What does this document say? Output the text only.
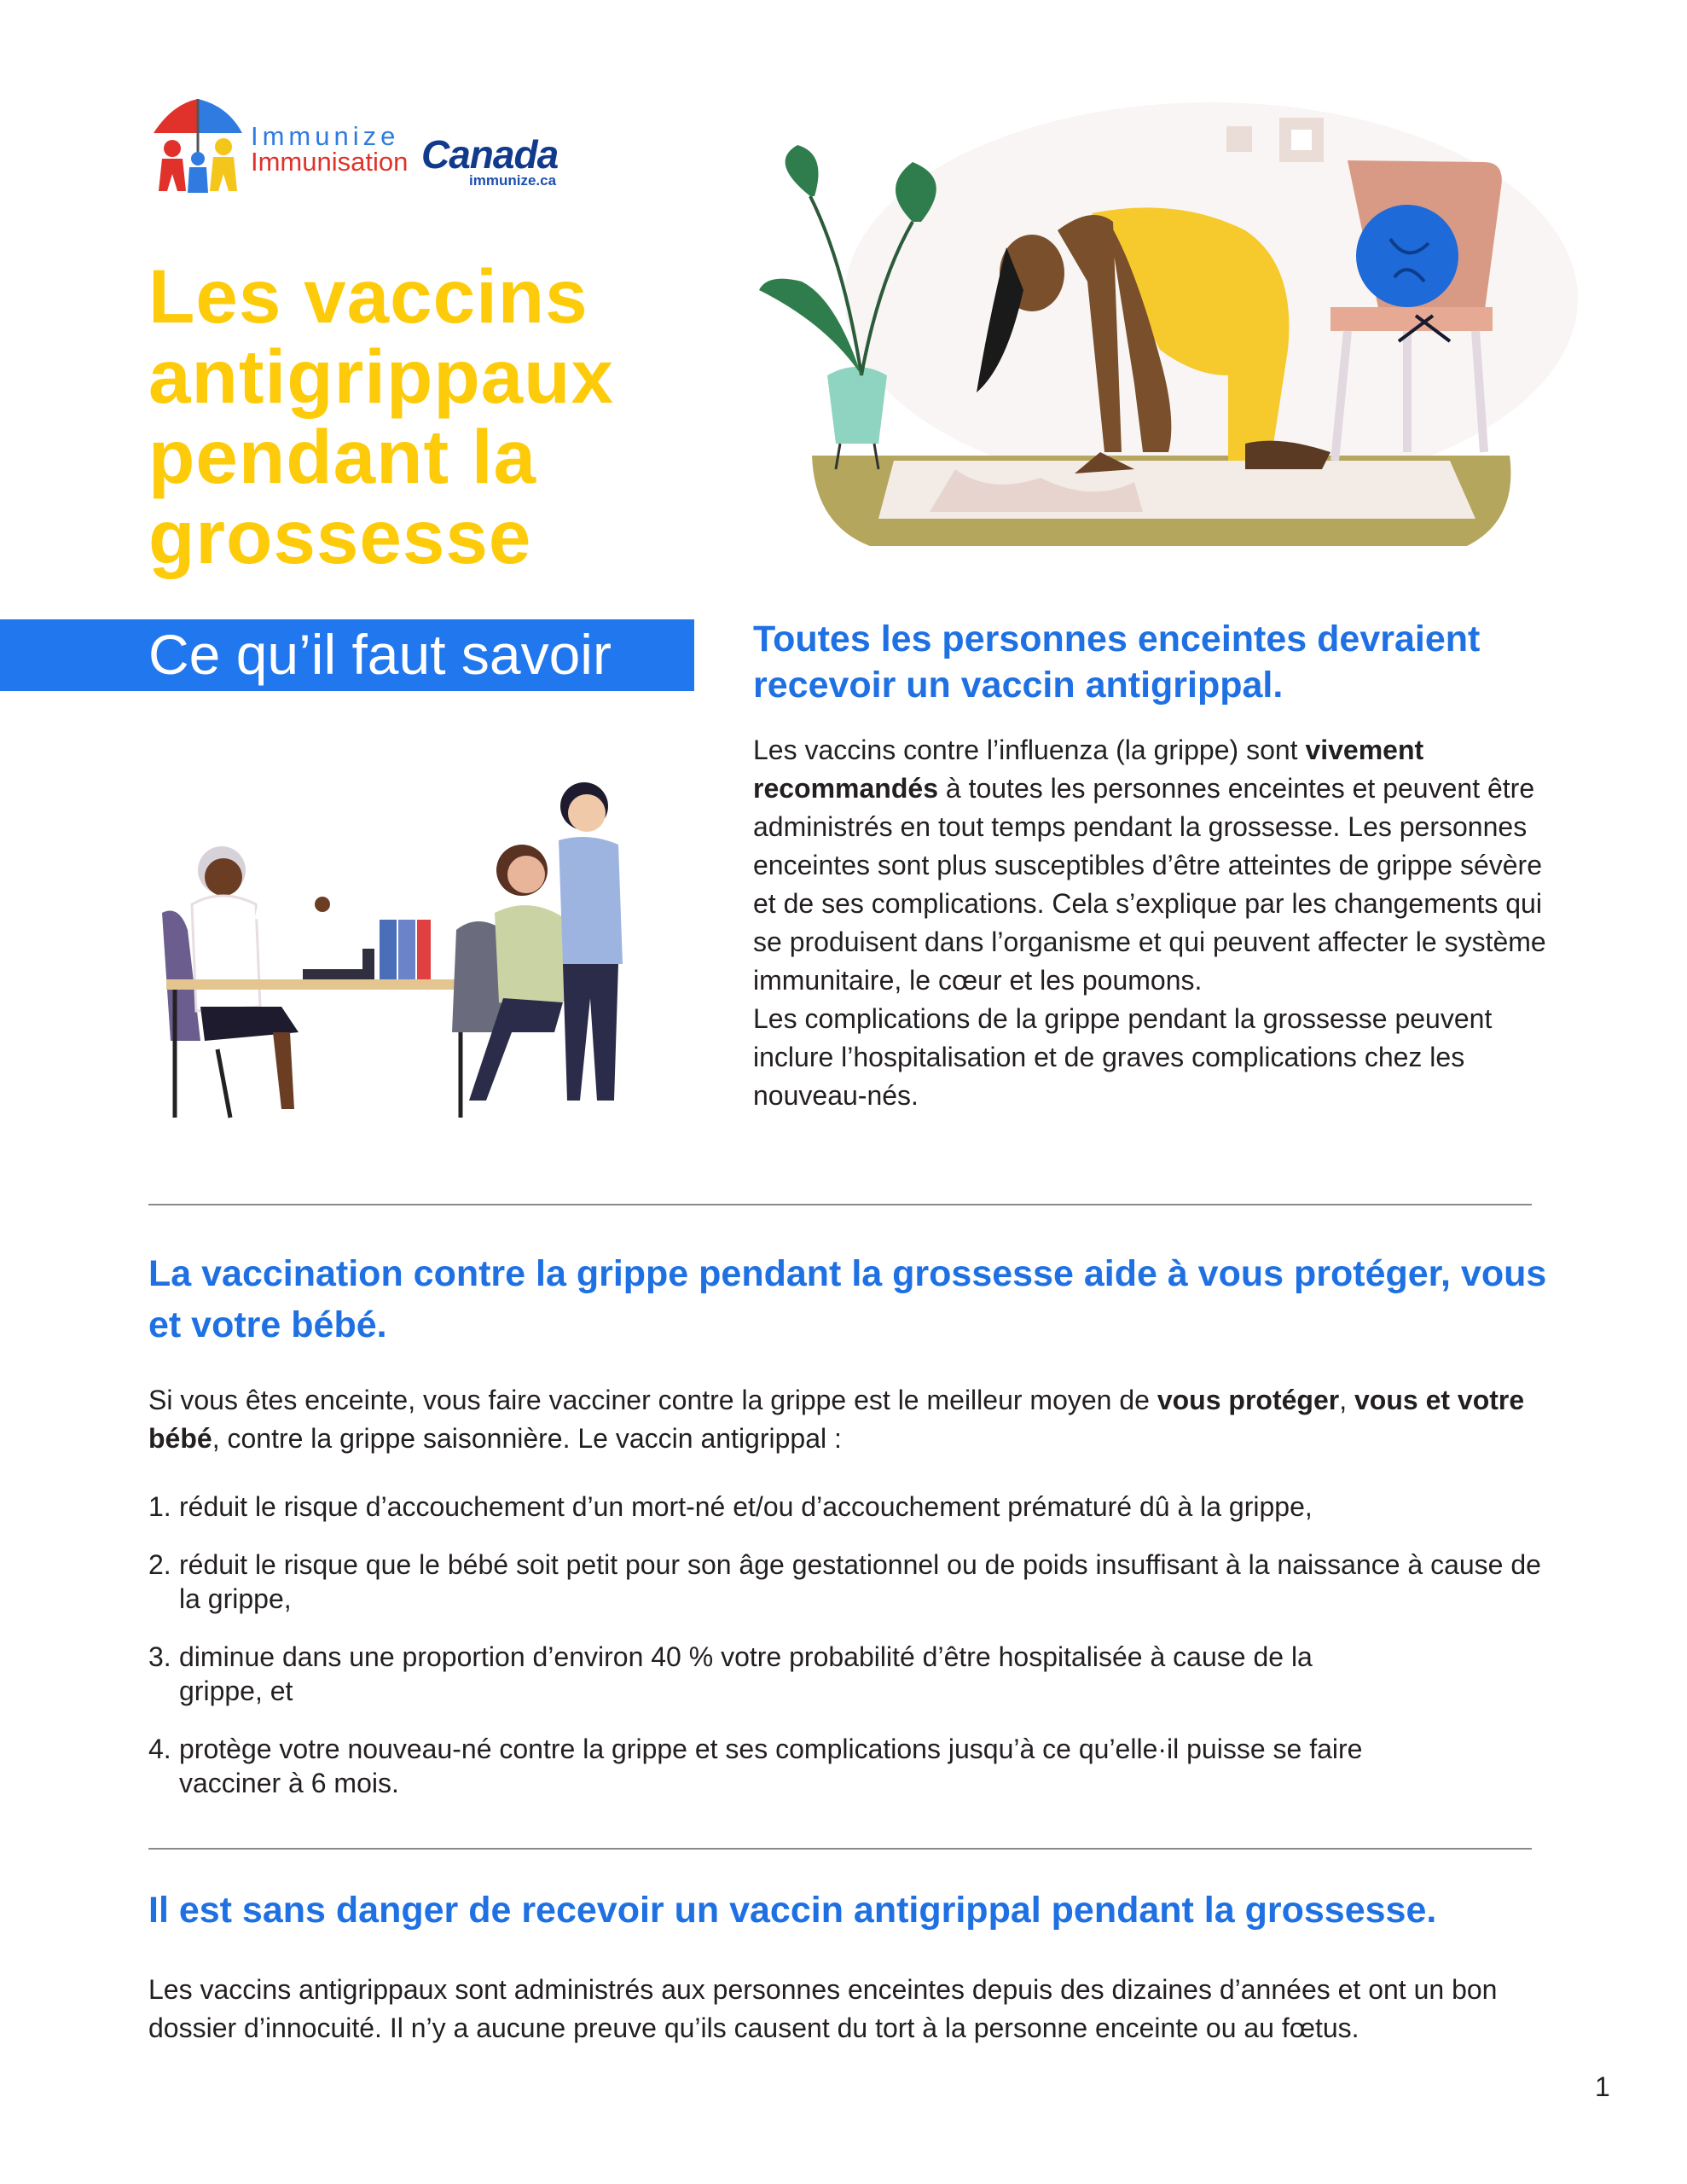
Immunize
Immunisation Canada
immunize.ca
Les vaccins antigrippaux pendant la grossesse
Ce qu’il faut savoir	Toutes les personnes enceintes devraient recevoir un vaccin antigrippal.
Les vaccins contre l’influenza (la grippe) sont vivement recommandés à toutes les personnes enceintes et peuvent être administrés en tout temps pendant la grossesse. Les personnes enceintes sont plus susceptibles d’être atteintes de grippe sévère et de ses complications. Cela s’explique par les changements qui se produisent dans l’organisme et qui peuvent affecter le système immunitaire, le cœur et les poumons.
Les complications de la grippe pendant la grossesse peuvent inclure l’hospitalisation et de graves complications chez les nouveau-nés.
La vaccination contre la grippe pendant la grossesse aide à vous protéger, vous et votre bébé.
Si vous êtes enceinte, vous faire vacciner contre la grippe est le meilleur moyen de vous protéger, vous et votre bébé, contre la grippe saisonnière. Le vaccin antigrippal :
1. réduit le risque d’accouchement d’un mort-né et/ou d’accouchement prématuré dû à la grippe,
2. réduit le risque que le bébé soit petit pour son âge gestationnel ou de poids insuffisant à la naissance à cause de la grippe,
3. diminue dans une proportion d’environ 40 % votre probabilité d’être hospitalisée à cause de la grippe, et
4. protège votre nouveau-né contre la grippe et ses complications jusqu’à ce qu’elle·il puisse se faire vacciner à 6 mois.
Il est sans danger de recevoir un vaccin antigrippal pendant la grossesse.
Les vaccins antigrippaux sont administrés aux personnes enceintes depuis des dizaines d’années et ont un bon dossier d’innocuité. Il n’y a aucune preuve qu’ils causent du tort à la personne enceinte ou au fœtus.
1
